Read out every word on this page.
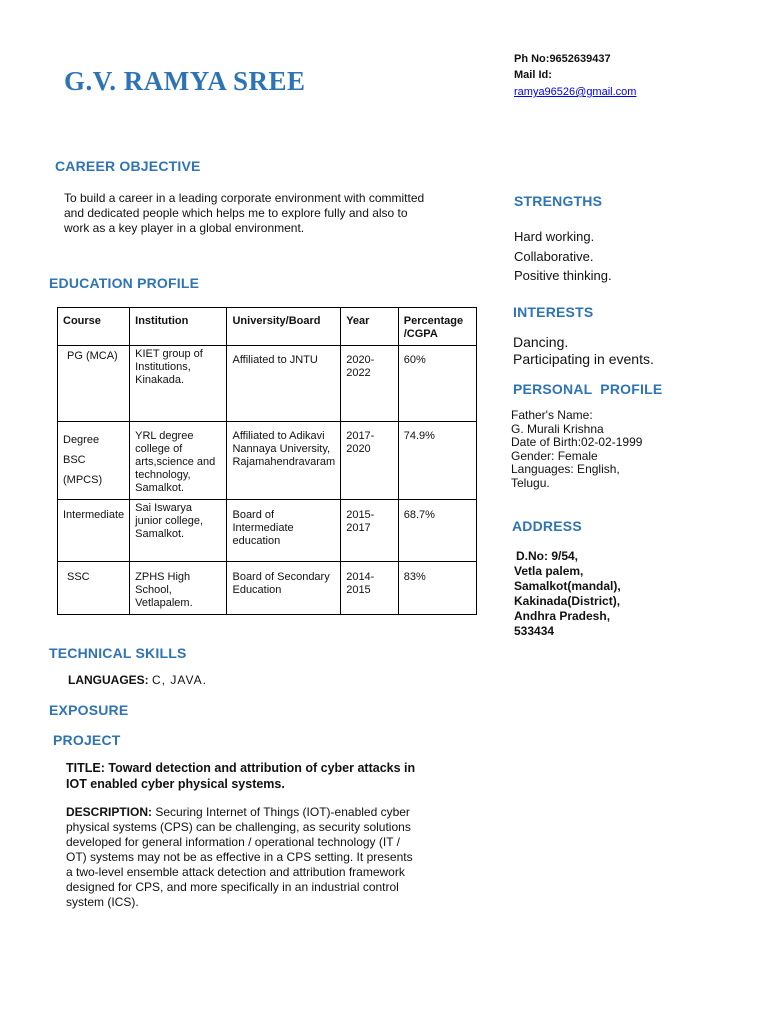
G.V. RAMYA SREE
Ph No:9652639437
Mail Id:
ramya96526@gmail.com
CAREER OBJECTIVE
To build a career in a leading corporate environment with committed
and dedicated people which helps me to explore fully and also to
work as a key player in a global environment.
EDUCATION PROFILE
Course	Institution	University/Board	Year	Percentage /CGPA
PG (MCA)	KIET group of Institutions, Kinakada.	Affiliated to JNTU	2020-2022	60%
Degree BSC (MPCS)	YRL degree college of arts,science and technology, Samalkot.	Affiliated to Adikavi Nannaya University, Rajamahendravaram	2017-2020	74.9%
Intermediate	Sai Iswarya junior college, Samalkot.	Board of Intermediate education	2015-2017	68.7%
SSC	ZPHS High School, Vetlapalem.	Board of Secondary Education	2014-2015	83%
TECHNICAL SKILLS
LANGUAGES: C, JAVA.
EXPOSURE
PROJECT
TITLE: Toward detection and attribution of cyber attacks in
IOT enabled cyber physical systems.
DESCRIPTION: Securing Internet of Things (IOT)-enabled cyber
physical systems (CPS) can be challenging, as security solutions
developed for general information / operational technology (IT /
OT) systems may not be as effective in a CPS setting. It presents
a two-level ensemble attack detection and attribution framework
designed for CPS, and more specifically in an industrial control
system (ICS).
STRENGTHS
Hard working.
Collaborative.
Positive thinking.
INTERESTS
Dancing.
Participating in events.
PERSONAL  PROFILE
Father's Name:
G. Murali Krishna
Date of Birth:02-02-1999
Gender: Female
Languages: English,
Telugu.
ADDRESS
D.No: 9/54,
Vetla palem,
Samalkot(mandal),
Kakinada(District),
Andhra Pradesh,
533434
